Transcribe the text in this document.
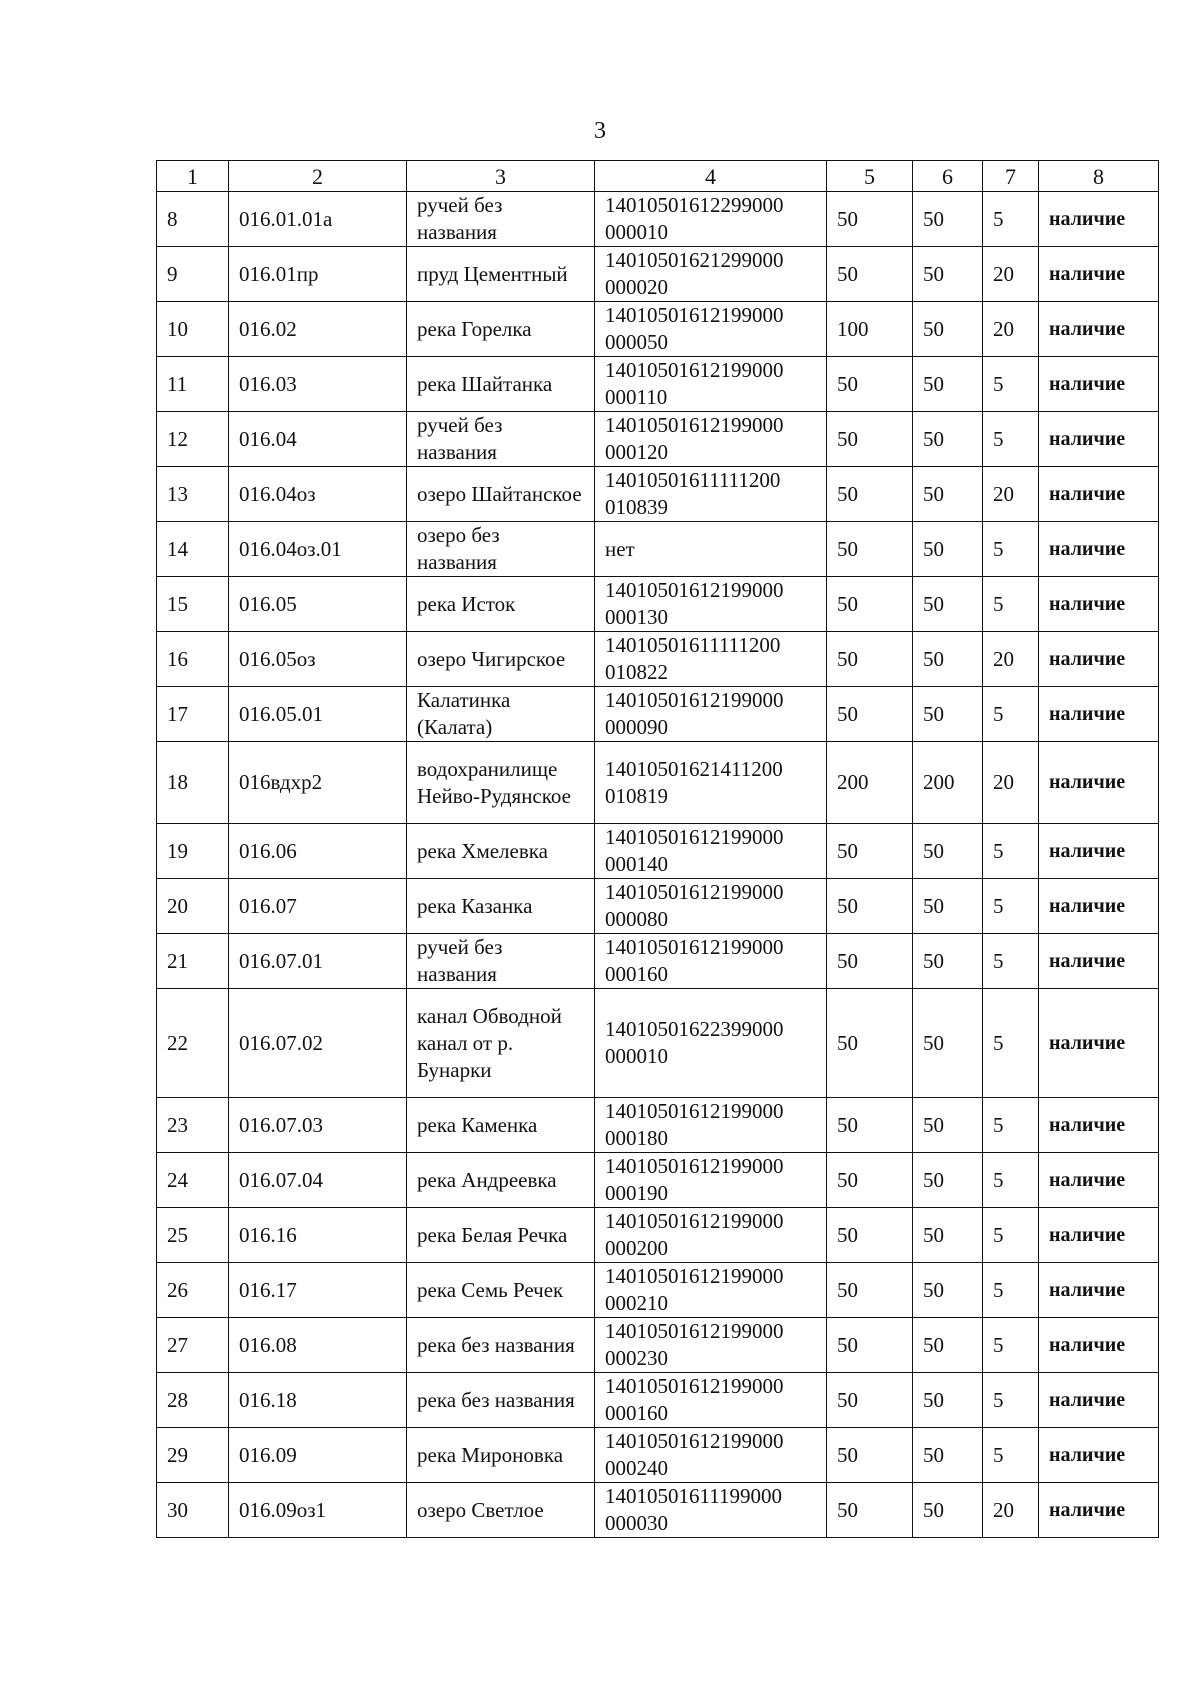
3
1	2	3	4	5	6	7	8
8	016.01.01а	ручей без названия	14010501612299000 000010	50	50	5	наличие
9	016.01пр	пруд Цементный	14010501621299000 000020	50	50	20	наличие
10	016.02	река Горелка	14010501612199000 000050	100	50	20	наличие
11	016.03	река Шайтанка	14010501612199000 000110	50	50	5	наличие
12	016.04	ручей без названия	14010501612199000 000120	50	50	5	наличие
13	016.04оз	озеро Шайтанское	14010501611111200 010839	50	50	20	наличие
14	016.04оз.01	озеро без названия	нет	50	50	5	наличие
15	016.05	река Исток	14010501612199000 000130	50	50	5	наличие
16	016.05оз	озеро Чигирское	14010501611111200 010822	50	50	20	наличие
17	016.05.01	Калатинка (Калата)	14010501612199000 000090	50	50	5	наличие
18	016вдхр2	водохранилище Нейво-Рудянское	14010501621411200 010819	200	200	20	наличие
19	016.06	река Хмелевка	14010501612199000 000140	50	50	5	наличие
20	016.07	река Казанка	14010501612199000 000080	50	50	5	наличие
21	016.07.01	ручей без названия	14010501612199000 000160	50	50	5	наличие
22	016.07.02	канал Обводной канал от р. Бунарки	14010501622399000 000010	50	50	5	наличие
23	016.07.03	река Каменка	14010501612199000 000180	50	50	5	наличие
24	016.07.04	река Андреевка	14010501612199000 000190	50	50	5	наличие
25	016.16	река Белая Речка	14010501612199000 000200	50	50	5	наличие
26	016.17	река Семь Речек	14010501612199000 000210	50	50	5	наличие
27	016.08	река без названия	14010501612199000 000230	50	50	5	наличие
28	016.18	река без названия	14010501612199000 000160	50	50	5	наличие
29	016.09	река Мироновка	14010501612199000 000240	50	50	5	наличие
30	016.09оз1	озеро Светлое	14010501611199000 000030	50	50	20	наличие
